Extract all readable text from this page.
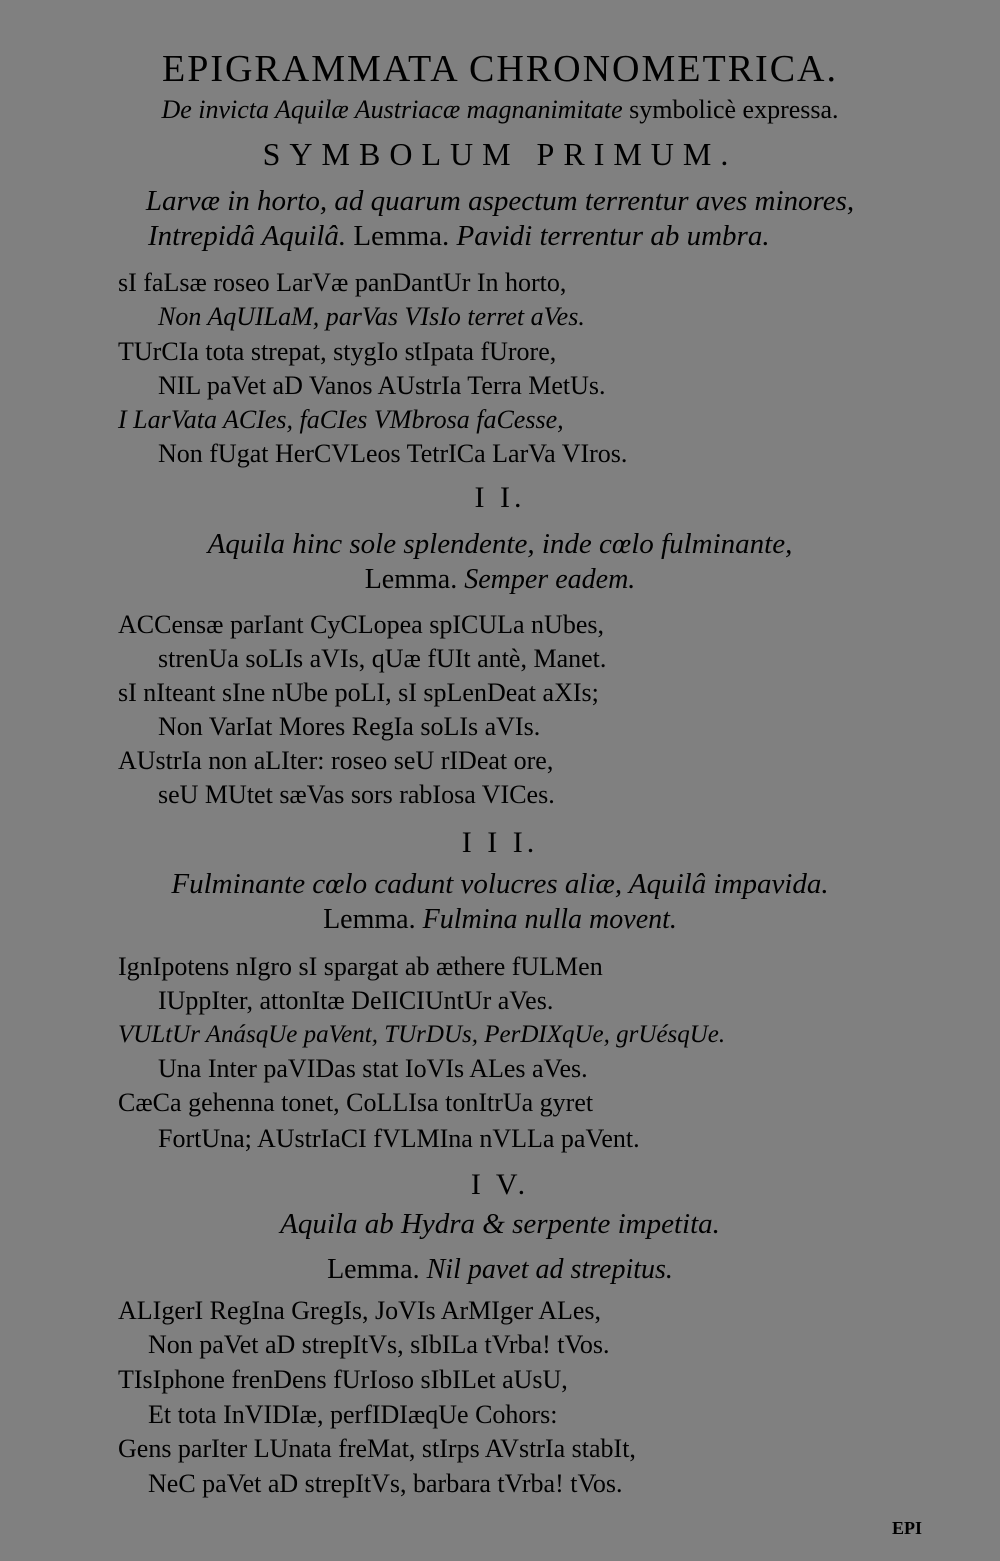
EPIGRAMMATA CHRONOMETRICA.
De invicta Aquilæ Austriacæ magnanimitate symbolicè expressa.
SYMBOLUM PRIMUM.
Larvæ in horto, ad quarum aspectum terrentur aves minores,
Intrepidâ Aquilâ. Lemma. Pavidi terrentur ab umbra.
sI faLsæ roseo LarVæ panDantUr In horto,
Non AqUILaM, parVas VIsIo terret aVes.
TUrCIa tota strepat, stygIo stIpata fUrore,
NIL paVet aD Vanos AUstrIa Terra MetUs.
I LarVata ACIes, faCIes VMbrosa faCesse,
Non fUgat HerCVLeos TetrICa LarVa VIros.
I I.
Aquila hinc sole splendente, inde cœlo fulminante,
Lemma. Semper eadem.
ACCensæ parIant CyCLopea spICULa nUbes,
strenUa soLIs aVIs, qUæ fUIt antè, Manet.
sI nIteant sIne nUbe poLI, sI spLenDeat aXIs;
Non VarIat Mores RegIa soLIs aVIs.
AUstrIa non aLIter: roseo seU rIDeat ore,
seU MUtet sæVas sors rabIosa VICes.
I I I.
Fulminante cœlo cadunt volucres aliæ, Aquilâ impavida.
Lemma. Fulmina nulla movent.
IgnIpotens nIgro sI spargat ab æthere fULMen
IUppIter, attonItæ DeIICIUntUr aVes.
VULtUr AnásqUe paVent, TUrDUs, PerDIXqUe, grUésqUe.
Una Inter paVIDas stat IoVIs ALes aVes.
CæCa gehenna tonet, CoLLIsa tonItrUa gyret
FortUna; AUstrIaCI fVLMIna nVLLa paVent.
I V.
Aquila ab Hydra & serpente impetita.
Lemma. Nil pavet ad strepitus.
ALIgerI RegIna GregIs, JoVIs ArMIger ALes,
Non paVet aD strepItVs, sIbILa tVrba! tVos.
TIsIphone frenDens fUrIoso sIbILet aUsU,
Et tota InVIDIæ, perfIDIæqUe Cohors:
Gens parIter LUnata freMat, stIrps AVstrIa stabIt,
NeC paVet aD strepItVs, barbara tVrba! tVos.
EPI
